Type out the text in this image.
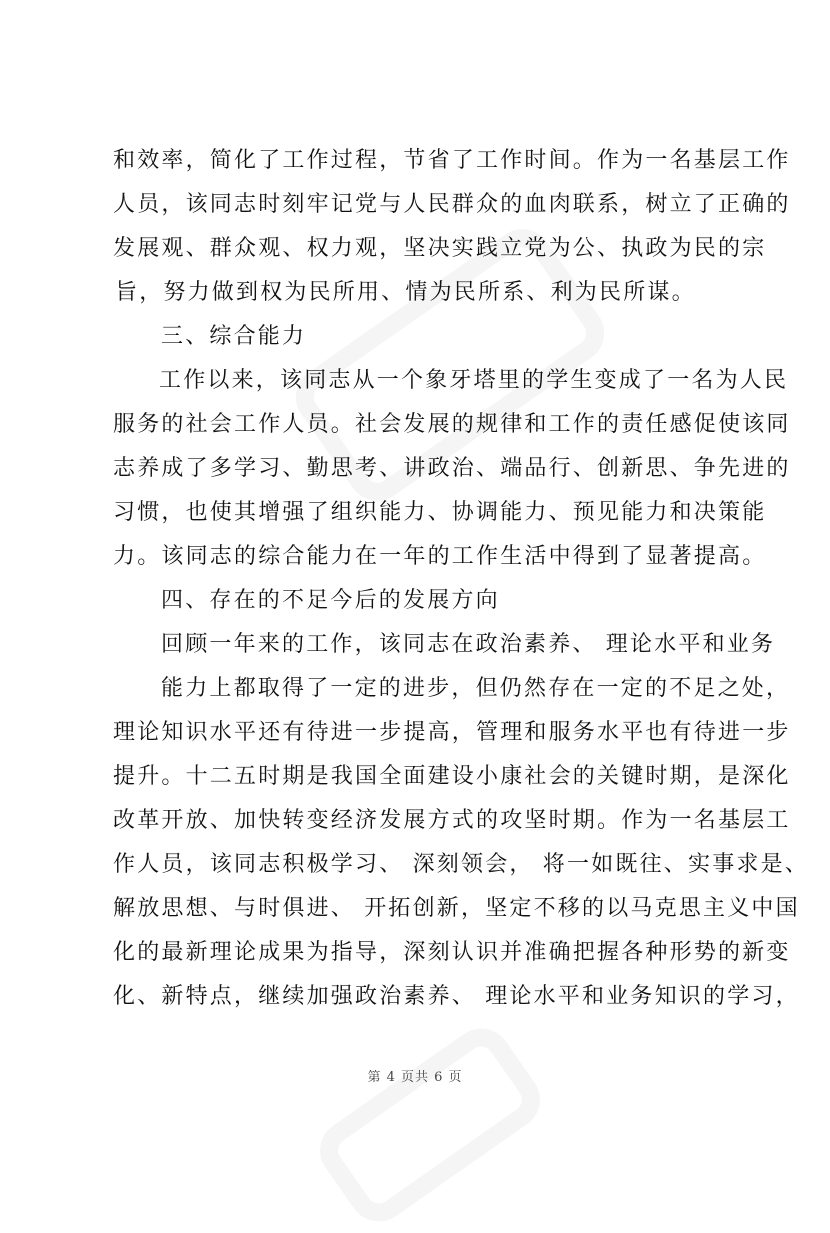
和效率，简化了工作过程，节省了工作时间。作为一名基层工作
人员，该同志时刻牢记党与人民群众的血肉联系，树立了正确的
发展观、群众观、权力观，坚决实践立党为公、执政为民的宗
旨，努力做到权为民所用、情为民所系、利为民所谋。
三、综合能力
工作以来，该同志从一个象牙塔里的学生变成了一名为人民
服务的社会工作人员。社会发展的规律和工作的责任感促使该同
志养成了多学习、勤思考、讲政治、端品行、创新思、争先进的
习惯，也使其增强了组织能力、协调能力、预见能力和决策能
力。该同志的综合能力在一年的工作生活中得到了显著提高。
四、存在的不足今后的发展方向
回顾一年来的工作，该同志在政治素养、 理论水平和业务
能力上都取得了一定的进步，但仍然存在一定的不足之处，
理论知识水平还有待进一步提高，管理和服务水平也有待进一步
提升。十二五时期是我国全面建设小康社会的关键时期，是深化
改革开放、加快转变经济发展方式的攻坚时期。作为一名基层工
作人员，该同志积极学习、 深刻领会， 将一如既往、实事求是、
解放思想、与时俱进、 开拓创新，坚定不移的以马克思主义中国
化的最新理论成果为指导，深刻认识并准确把握各种形势的新变
化、新特点，继续加强政治素养、 理论水平和业务知识的学习，
第 4 页共 6 页
